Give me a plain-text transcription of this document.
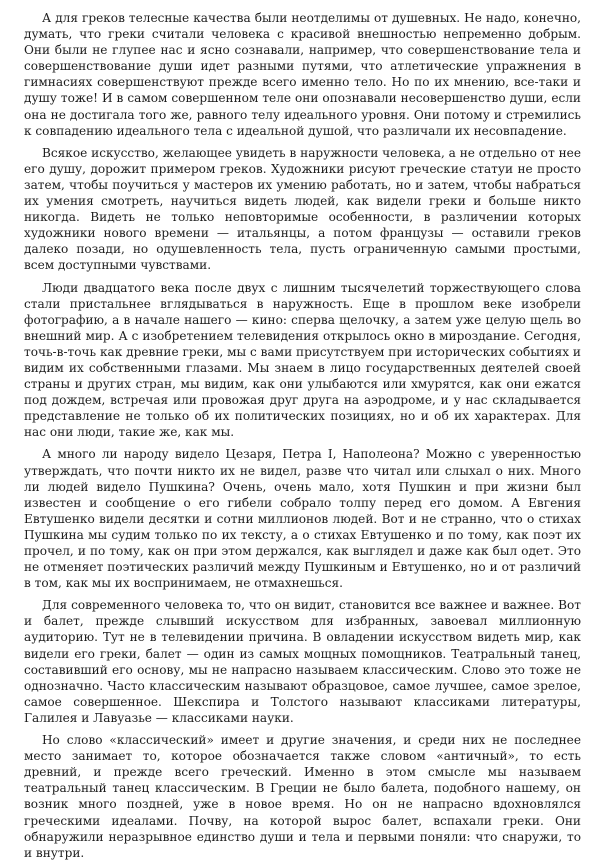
А для греков телесные качества были неотделимы от душевных. Не надо, конечно, думать, что греки считали человека с красивой внешностью непременно добрым. Они были не глупее нас и ясно сознавали, например, что совершенствование тела и совершенствование души идет разными путями, что атлетические упражнения в гимнасиях совершенствуют прежде всего именно тело. Но по их мнению, все-таки и душу тоже! И в самом совершенном теле они опознавали несовершенство души, если она не достигала того же, равного телу идеального уровня. Они потому и стремились к совпадению идеального тела с идеальной душой, что различали их несовпадение.

Всякое искусство, желающее увидеть в наружности человека, а не отдельно от нее его душу, дорожит примером греков. Художники рисуют греческие статуи не просто затем, чтобы поучиться у мастеров их умению работать, но и затем, чтобы набраться их умения смотреть, научиться видеть людей, как видели греки и больше никто никогда. Видеть не только неповторимые особенности, в различении которых художники нового времени — итальянцы, а потом французы — оставили греков далеко позади, но одушевленность тела, пусть ограниченную самыми простыми, всем доступными чувствами.

Люди двадцатого века после двух с лишним тысячелетий торжествующего слова стали пристальнее вглядываться в наружность. Еще в прошлом веке изобрели фотографию, а в начале нашего — кино: сперва щелочку, а затем уже целую щель во внешний мир. А с изобретением телевидения открылось окно в мироздание. Сегодня, точь-в-точь как древние греки, мы с вами присутствуем при исторических событиях и видим их собственными глазами. Мы знаем в лицо государственных деятелей своей страны и других стран, мы видим, как они улыбаются или хмурятся, как они ежатся под дождем, встречая или провожая друг друга на аэродроме, и у нас складывается представление не только об их политических позициях, но и об их характерах. Для нас они люди, такие же, как мы.

А много ли народу видело Цезаря, Петра I, Наполеона? Можно с уверенностью утверждать, что почти никто их не видел, разве что читал или слыхал о них. Много ли людей видело Пушкина? Очень, очень мало, хотя Пушкин и при жизни был известен и сообщение о его гибели собрало толпу перед его домом. А Евгения Евтушенко видели десятки и сотни миллионов людей. Вот и не странно, что о стихах Пушкина мы судим только по их тексту, а о стихах Евтушенко и по тому, как поэт их прочел, и по тому, как он при этом держался, как выглядел и даже как был одет. Это не отменяет поэтических различий между Пушкиным и Евтушенко, но и от различий в том, как мы их воспринимаем, не отмахнешься.

Для современного человека то, что он видит, становится все важнее и важнее. Вот и балет, прежде слывший искусством для избранных, завоевал миллионную аудиторию. Тут не в телевидении причина. В овладении искусством видеть мир, как видели его греки, балет — один из самых мощных помощников. Театральный танец, составивший его основу, мы не напрасно называем классическим. Слово это тоже не однозначно. Часто классическим называют образцовое, самое лучшее, самое зрелое, самое совершенное. Шекспира и Толстого называют классиками литературы, Галилея и Лавуазье — классиками науки.

Но слово «классический» имеет и другие значения, и среди них не последнее место занимает то, которое обозначается также словом «античный», то есть древний, и прежде всего греческий. Именно в этом смысле мы называем театральный танец классическим. В Греции не было балета, подобного нашему, он возник много поздней, уже в новое время. Но он не напрасно вдохновлялся греческими идеалами. Почву, на которой вырос балет, вспахали греки. Они обнаружили неразрывное единство души и тела и первыми поняли: что снаружи, то и внутри.
